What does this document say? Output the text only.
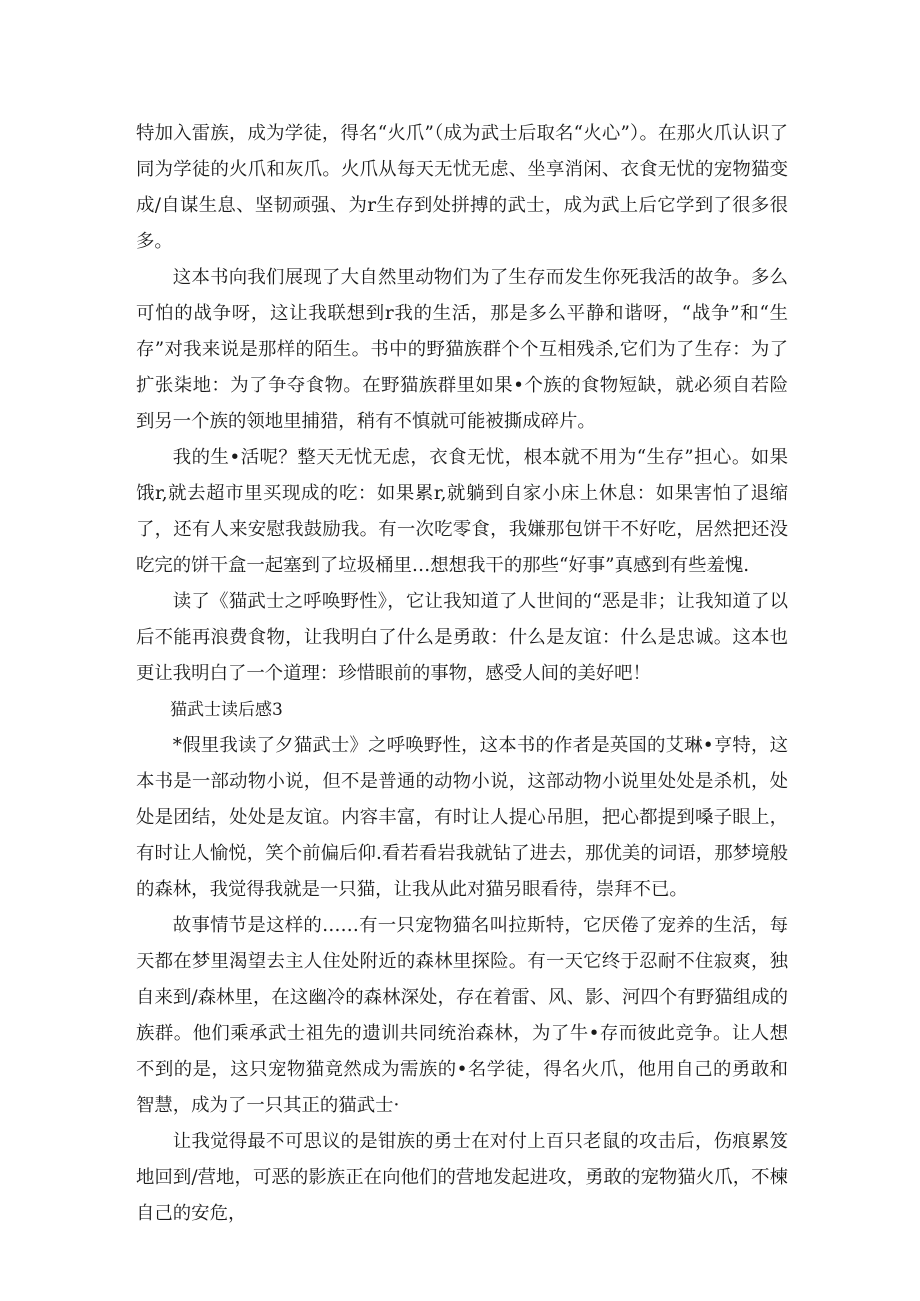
特加入雷族，成为学徒，得名“火爪”（成为武士后取名“火心”）。在那火爪认识了同为学徒的火爪和灰爪。火爪从每天无忧无虑、坐享消闲、衣食无忧的宠物猫变成/自谋生息、坚韧顽强、为r生存到处拼搏的武士，成为武上后它学到了很多很多。

这本书向我们展现了大自然里动物们为了生存而发生你死我活的故争。多么可怕的战争呀，这让我联想到r我的生活，那是多么平静和谐呀，“战争”和“生存”对我来说是那样的陌生。书中的野猫族群个个互相残杀,它们为了生存：为了扩张柒地：为了争夺食物。在野猫族群里如果•个族的食物短缺，就必须自若险到另一个族的领地里捕猎，稍有不慎就可能被撕成碎片。

我的生•活呢？整天无忧无虑，衣食无忧，根本就不用为“生存”担心。如果饿r,就去超市里买现成的吃：如果累r,就躺到自家小床上休息：如果害怕了退缩了，还有人来安慰我鼓励我。有一次吃零食，我嫌那包饼干不好吃，居然把还没吃完的饼干盒一起塞到了垃圾桶里…想想我干的那些“好事”真感到有些羞愧.

读了《猫武士之呼唤野性》，它让我知道了人世间的“恶是非；让我知道了以后不能再浪费食物，让我明白了什么是勇敢：什么是友谊：什么是忠诚。这本也更让我明白了一个道理：珍惜眼前的事物，感受人间的美好吧！

猫武士读后感3

*假里我读了夕猫武士》之呼唤野性，这本书的作者是英国的艾琳•亨特，这本书是一部动物小说，但不是普通的动物小说，这部动物小说里处处是杀机，处处是团结，处处是友谊。内容丰富，有时让人提心吊胆，把心都提到嗓子眼上，有时让人愉悦，笑个前偏后仰.看若看岩我就钻了进去，那优美的词语，那梦境般的森林，我觉得我就是一只猫，让我从此对猫另眼看待，崇拜不已。

故事情节是这样的……有一只宠物猫名叫拉斯特，它厌倦了宠养的生活，每天都在梦里渴望去主人住处附近的森林里探险。有一天它终于忍耐不住寂爽，独自来到/森林里，在这幽冷的森林深处，存在着雷、风、影、河四个有野猫组成的族群。他们乘承武士祖先的遗训共同统治森林，为了牛•存而彼此竞争。让人想不到的是，这只宠物猫竟然成为需族的•名学徒，得名火爪，他用自己的勇敢和智慧，成为了一只其正的猫武士·

让我觉得最不可思议的是钳族的勇士在对付上百只老鼠的攻击后，伤痕累笈地回到/营地，可恶的影族正在向他们的营地发起进攻，勇敢的宠物猫火爪，不楝自己的安危，
